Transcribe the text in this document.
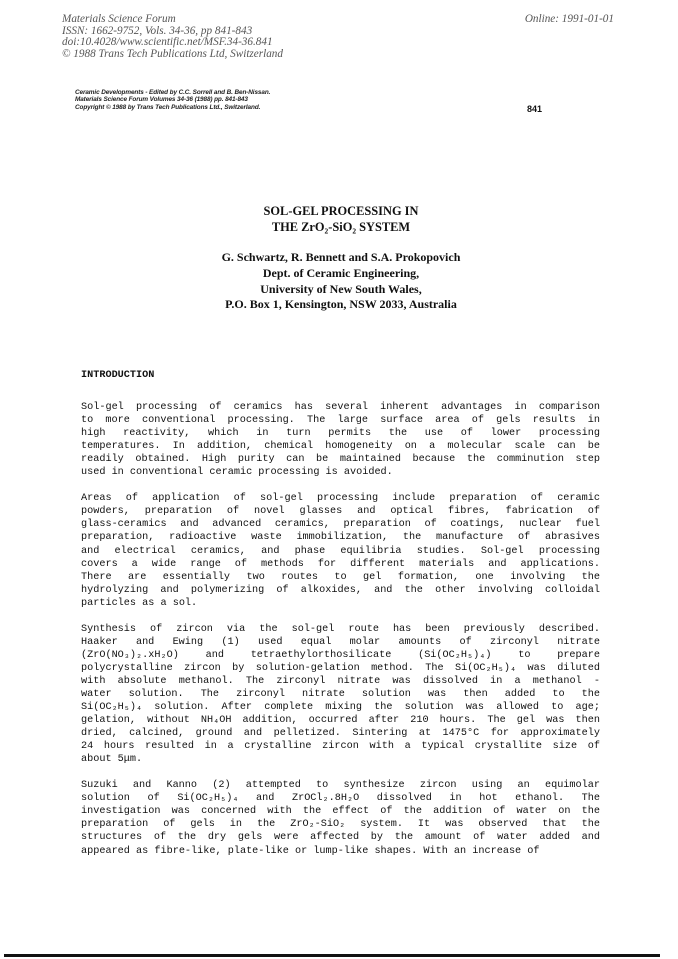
Materials Science Forum
ISSN: 1662-9752, Vols. 34-36, pp 841-843
doi:10.4028/www.scientific.net/MSF.34-36.841
© 1988 Trans Tech Publications Ltd, Switzerland
Online: 1991-01-01
Ceramic Developments - Edited by C.C. Sorrell and B. Ben-Nissan.
Materials Science Forum Volumes 34-36 (1988) pp. 841-843
Copyright © 1988 by Trans Tech Publications Ltd., Switzerland.	841
SOL-GEL PROCESSING IN
THE ZrO₂-SiO₂ SYSTEM
G. Schwartz, R. Bennett and S.A. Prokopovich
Dept. of Ceramic Engineering,
University of New South Wales,
P.O. Box 1, Kensington, NSW 2033, Australia
INTRODUCTION
Sol-gel processing of ceramics has several inherent advantages in comparison
to more conventional processing. The large surface area of gels results in
high reactivity, which in turn permits the use of lower processing
temperatures. In addition, chemical homogeneity on a molecular scale can be
readily obtained. High purity can be maintained because the comminution step
used in conventional ceramic processing is avoided.
Areas of application of sol-gel processing include preparation of ceramic
powders, preparation of novel glasses and optical fibres, fabrication of
glass-ceramics and advanced ceramics, preparation of coatings, nuclear fuel
preparation, radioactive waste immobilization, the manufacture of abrasives
and electrical ceramics, and phase equilibria studies. Sol-gel processing
covers a wide range of methods for different materials and applications.
There are essentially two routes to gel formation, one involving the
hydrolyzing and polymerizing of alkoxides, and the other involving colloidal
particles as a sol.
Synthesis of zircon via the sol-gel route has been previously described.
Haaker and Ewing (1) used equal molar amounts of zirconyl nitrate
(ZrO(NO₃)₂.xH₂O) and tetraethylorthosilicate (Si(OC₂H₅)₄) to prepare
polycrystalline zircon by solution-gelation method. The Si(OC₂H₅)₄ was diluted
with absolute methanol. The zirconyl nitrate was dissolved in a methanol -
water solution. The zirconyl nitrate solution was then added to the
Si(OC₂H₅)₄ solution. After complete mixing the solution was allowed to age;
gelation, without NH₄OH addition, occurred after 210 hours. The gel was then
dried, calcined, ground and pelletized. Sintering at 1475°C for approximately
24 hours resulted in a crystalline zircon with a typical crystallite size of
about 5μm.
Suzuki and Kanno (2) attempted to synthesize zircon using an equimolar
solution of Si(OC₂H₅)₄ and ZrOCl₂.8H₂O dissolved in hot ethanol. The
investigation was concerned with the effect of the addition of water on the
preparation of gels in the ZrO₂-SiO₂ system. It was observed that the
structures of the dry gels were affected by the amount of water added and
appeared as fibre-like, plate-like or lump-like shapes. With an increase of
